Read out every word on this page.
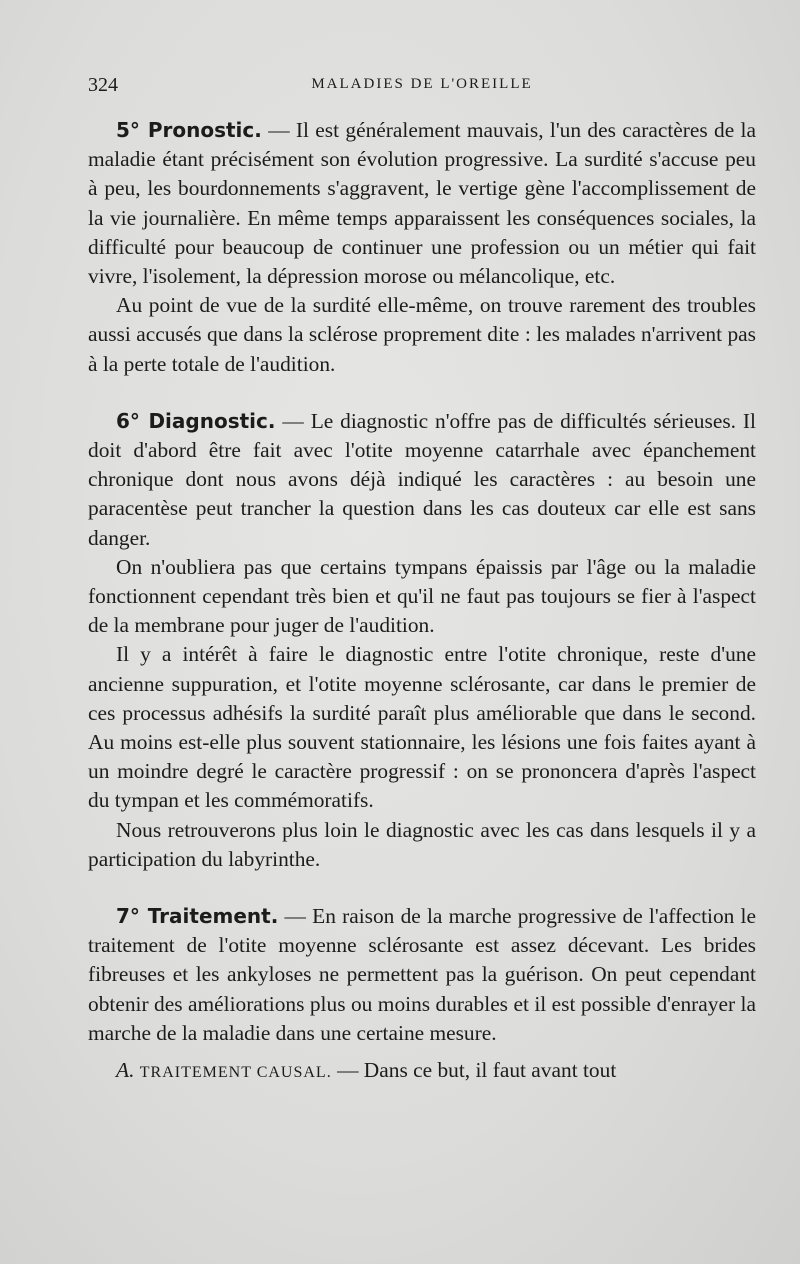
324	MALADIES DE L'OREILLE

5° Pronostic. — Il est généralement mauvais, l'un des caractères de la maladie étant précisément son évolution progressive. La surdité s'accuse peu à peu, les bourdonnements s'aggravent, le vertige gène l'accomplissement de la vie journalière. En même temps apparaissent les conséquences sociales, la difficulté pour beaucoup de continuer une profession ou un métier qui fait vivre, l'isolement, la dépression morose ou mélancolique, etc.

Au point de vue de la surdité elle-même, on trouve rarement des troubles aussi accusés que dans la sclérose proprement dite : les malades n'arrivent pas à la perte totale de l'audition.

6° Diagnostic. — Le diagnostic n'offre pas de difficultés sérieuses. Il doit d'abord être fait avec l'otite moyenne catarrhale avec épanchement chronique dont nous avons déjà indiqué les caractères : au besoin une paracentèse peut trancher la question dans les cas douteux car elle est sans danger.

On n'oubliera pas que certains tympans épaissis par l'âge ou la maladie fonctionnent cependant très bien et qu'il ne faut pas toujours se fier à l'aspect de la membrane pour juger de l'audition.

Il y a intérêt à faire le diagnostic entre l'otite chronique, reste d'une ancienne suppuration, et l'otite moyenne sclérosante, car dans le premier de ces processus adhésifs la surdité paraît plus améliorable que dans le second. Au moins est-elle plus souvent stationnaire, les lésions une fois faites ayant à un moindre degré le caractère progressif : on se prononcera d'après l'aspect du tympan et les commémoratifs.

Nous retrouverons plus loin le diagnostic avec les cas dans lesquels il y a participation du labyrinthe.

7° Traitement. — En raison de la marche progressive de l'affection le traitement de l'otite moyenne sclérosante est assez décevant. Les brides fibreuses et les ankyloses ne permettent pas la guérison. On peut cependant obtenir des améliorations plus ou moins durables et il est possible d'enrayer la marche de la maladie dans une certaine mesure.

A. TRAITEMENT CAUSAL. — Dans ce but, il faut avant tout
